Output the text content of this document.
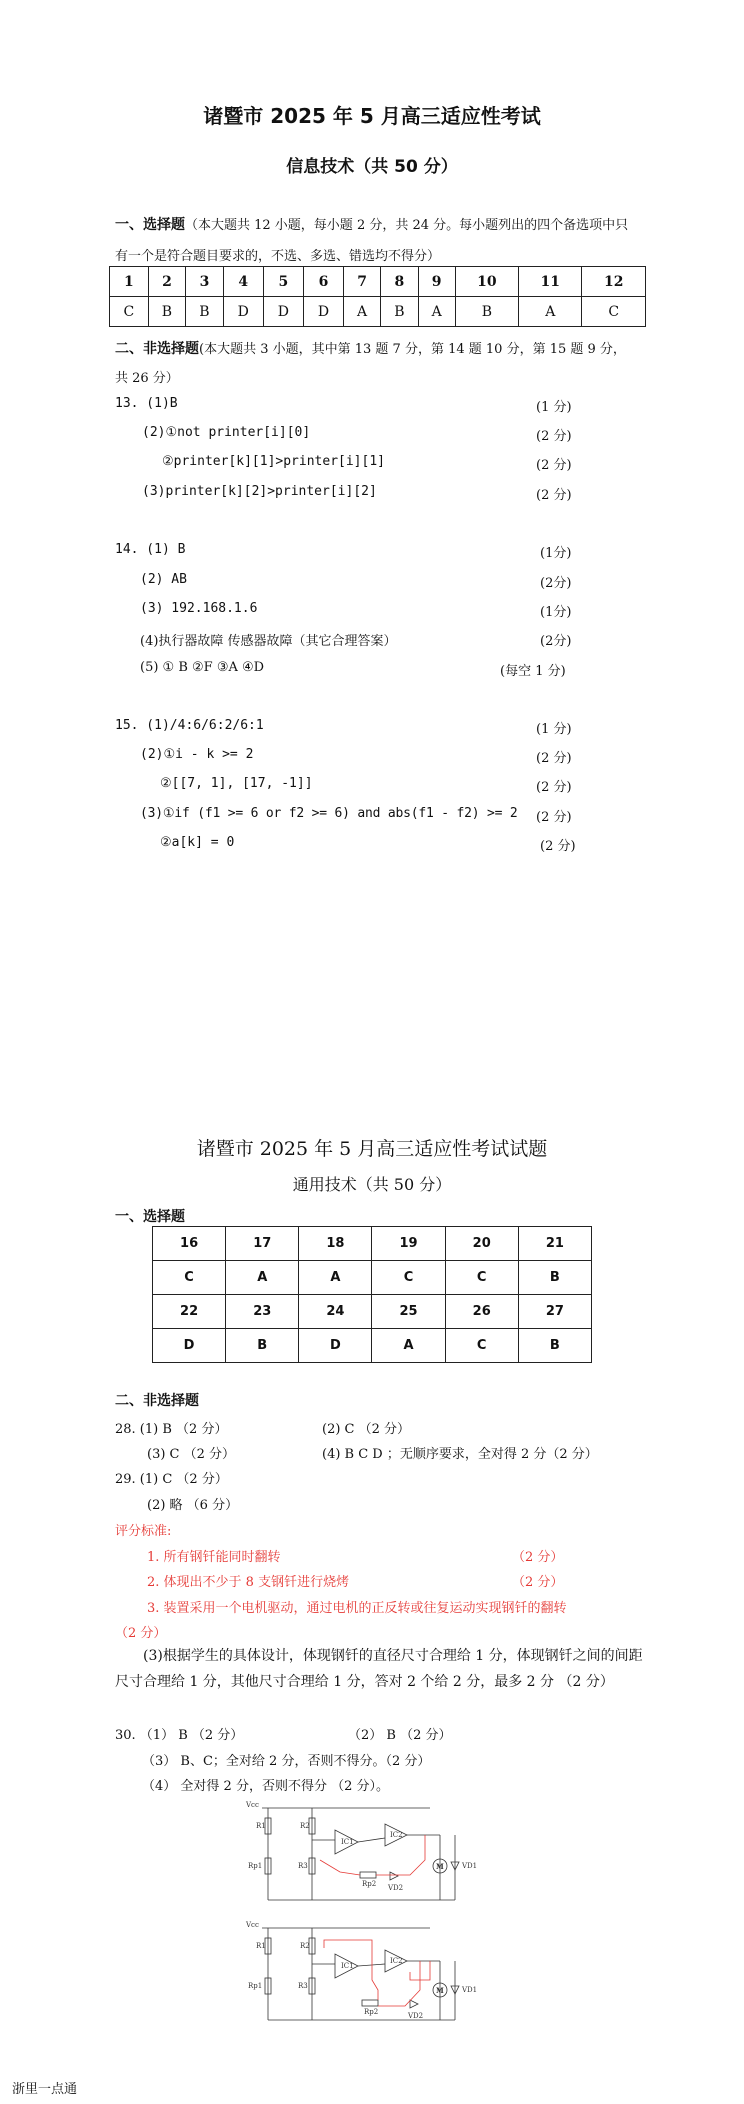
诸暨市 2025 年 5 月高三适应性考试
信息技术（共 50 分）
一、选择题（本大题共 12 小题，每小题 2 分，共 24 分。每小题列出的四个备选项中只
有一个是符合题目要求的，不选、多选、错选均不得分）
1	2	3	4	5	6	7	8	9	10	11	12
C	B	B	D	D	D	A	B	A	B	A	C
二、非选择题(本大题共 3 小题，其中第 13 题 7 分，第 14 题 10 分，第 15 题 9 分，
共 26 分）
13. (1)B	(1 分)
(2)①not printer[i][0]	(2 分)
②printer[k][1]>printer[i][1]	(2 分)
(3)printer[k][2]>printer[i][2]	(2 分)
14. (1) B	(1分)
(2) AB	(2分)
(3) 192.168.1.6	(1分)
(4)执行器故障 传感器故障（其它合理答案）	(2分)
(5) ① B ②F ③A ④D	(每空 1 分)
15. (1)/4:6/6:2/6:1	(1 分)
(2)①i - k >= 2	(2 分)
②[[7, 1], [17, -1]]	(2 分)
(3)①if (f1 >= 6 or f2 >= 6) and abs(f1 - f2) >= 2 (2 分)
②a[k] = 0	(2 分)
诸暨市 2025 年 5 月高三适应性考试试题
通用技术（共 50 分）
一、选择题
16	17	18	19	20	21
C	A	A	C	C	B
22	23	24	25	26	27
D	B	D	A	C	B
二、非选择题
28. (1) B （2 分）	(2) C （2 分）
(3) C （2 分）	(4) B C D ；无顺序要求，全对得 2 分（2 分）
29. (1) C （2 分）
(2) 略 （6 分）
评分标准:
1. 所有钢钎能同时翻转	（2 分）
2. 体现出不少于 8 支钢钎进行烧烤	（2 分）
3. 装置采用一个电机驱动，通过电机的正反转或往复运动实现钢钎的翻转
（2 分）
(3)根据学生的具体设计，体现钢钎的直径尺寸合理给 1 分，体现钢钎之间的间距尺寸合理给 1 分，其他尺寸合理给 1 分，答对 2 个给 2 分，最多 2 分 （2 分）
30. （1） B （2 分）	（2） B （2 分）
（3） B、C；全对给 2 分，否则不得分。（2 分）
（4） 全对得 2 分，否则不得分 （2 分）。
Vcc
R1	R2
Rp1	R3
IC1
IC2
M	VD1
Rp2 VD2
Vcc
R1	R2
Rp1	R3
IC1
IC2
M	VD1
Rp2	VD2
浙里一点通
